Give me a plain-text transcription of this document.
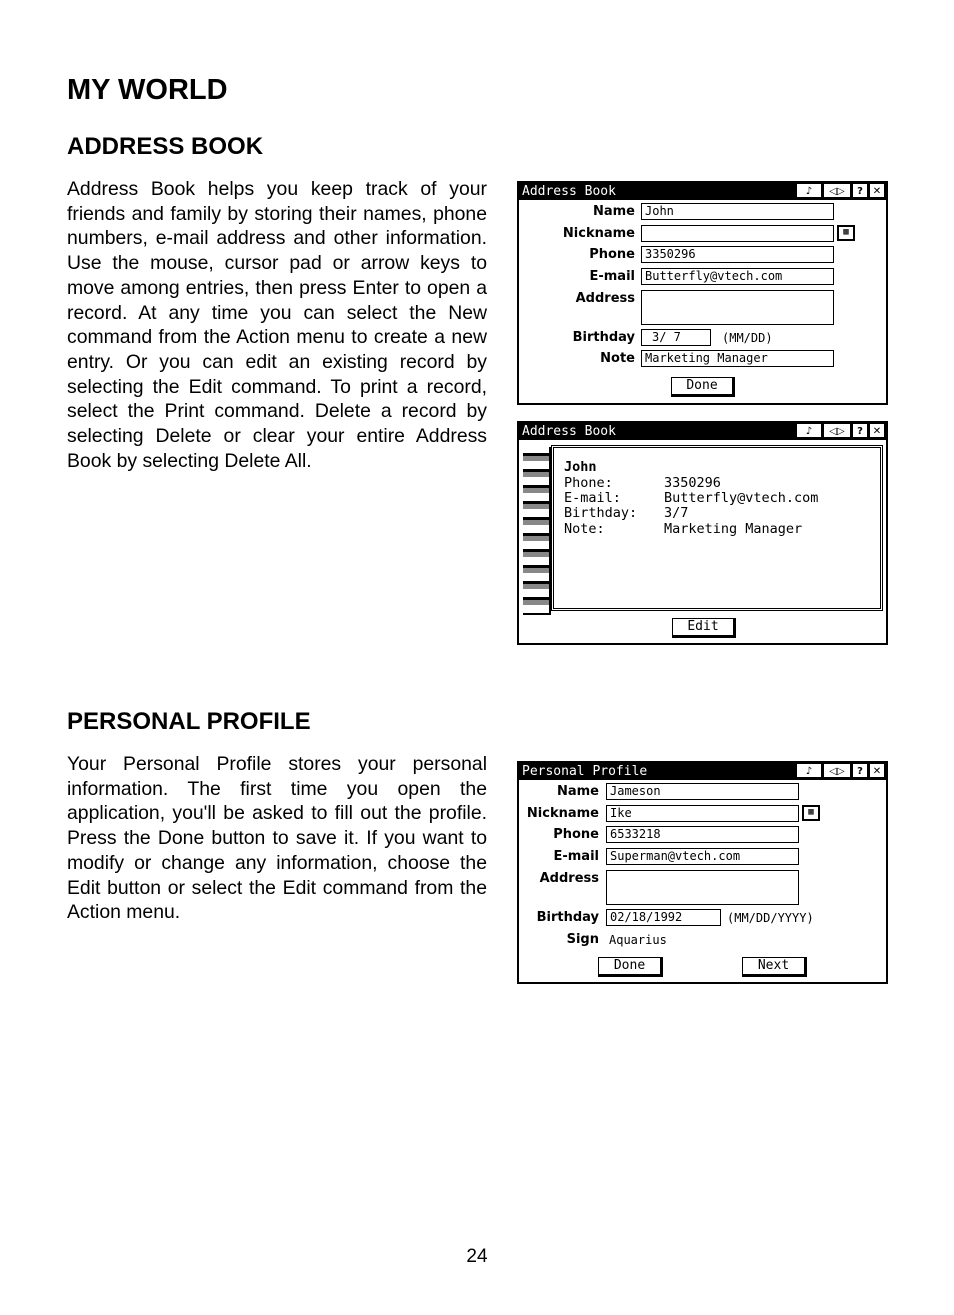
MY WORLD
ADDRESS BOOK

Address Book helps you keep track of your friends and family by storing their names, phone numbers, e-mail address and other information. Use the mouse, cursor pad or arrow keys to move among entries, then press Enter to open a record. At any time you can select the New command from the Action menu to create a new entry. Or you can edit an existing record by selecting the Edit command. To print a record, select the Print command. Delete a record by selecting Delete or clear your entire Address Book by selecting Delete All.

Address Book	♪	◁▷	? ✕
Name John
Nickname	▦
Phone 3350296
E-mail Butterfly@vtech.com
Address
Birthday	3/ 7	(MM/DD)
Note Marketing Manager
Done
Address Book	♪	◁▷	? ✕
John
Phone:	3350296
E-mail:	Butterfly@vtech.com
Birthday: 3/7
Note:	Marketing Manager
Edit
PERSONAL PROFILE

Your Personal Profile stores your personal information. The first time you open the application, you'll be asked to fill out the profile. Press the Done button to save it. If you want to modify or change any information, choose the Edit button or select the Edit command from the Action menu.

Personal Profile	♪	◁▷	? ✕
Name Jameson
Nickname Ike	▦
Phone 6533218
E-mail Superman@vtech.com
Address
Birthday 02/18/1992	(MM/DD/YYYY)
Sign Aquarius
Done	Next
24
